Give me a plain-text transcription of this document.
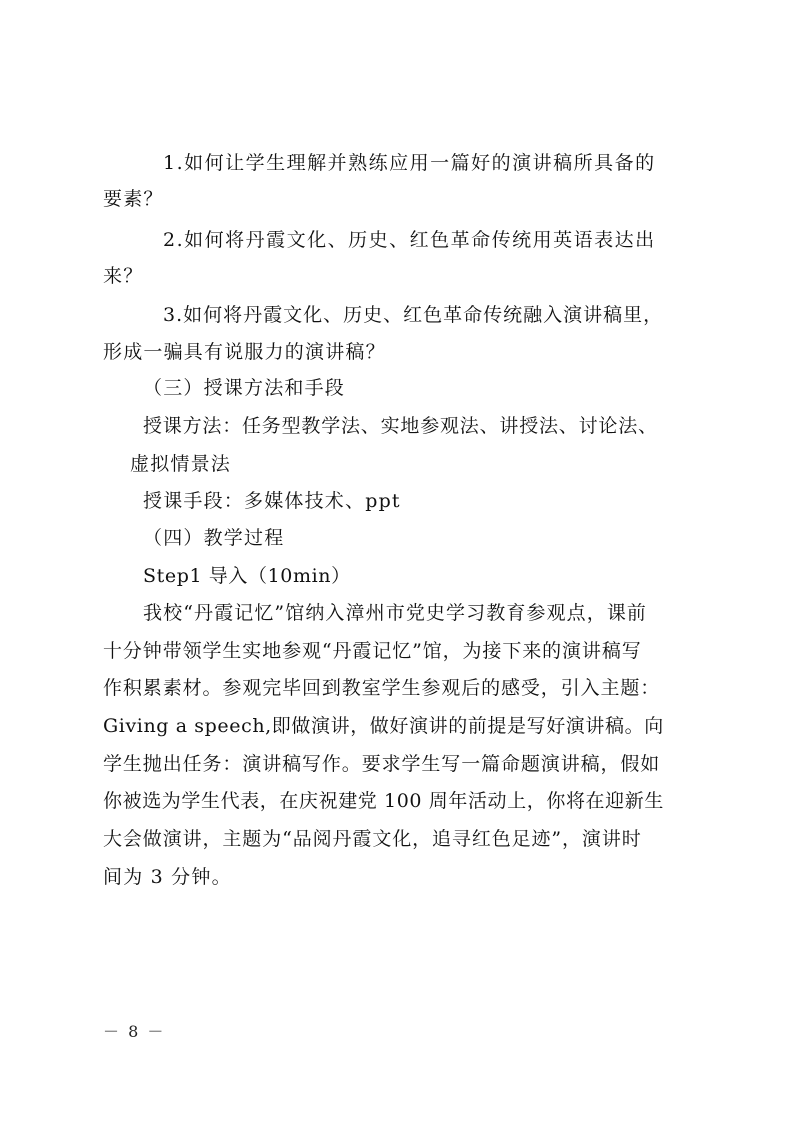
1.如何让学生理解并熟练应用一篇好的演讲稿所具备的
要素？
2.如何将丹霞文化、历史、红色革命传统用英语表达出
来？
3.如何将丹霞文化、历史、红色革命传统融入演讲稿里，
形成一骗具有说服力的演讲稿？
（三）授课方法和手段
授课方法：任务型教学法、实地参观法、讲授法、讨论法、
虚拟情景法
授课手段：多媒体技术、ppt
（四）教学过程
Step1 导入（10min）
我校“丹霞记忆”馆纳入漳州市党史学习教育参观点，课前
十分钟带领学生实地参观“丹霞记忆”馆，为接下来的演讲稿写
作积累素材。参观完毕回到教室学生参观后的感受，引入主题：
Giving a speech,即做演讲，做好演讲的前提是写好演讲稿。向
学生抛出任务：演讲稿写作。要求学生写一篇命题演讲稿，假如
你被选为学生代表，在庆祝建党 100 周年活动上，你将在迎新生
大会做演讲，主题为“品阅丹霞文化，追寻红色足迹”，演讲时
间为 3 分钟。
－ 8 －
